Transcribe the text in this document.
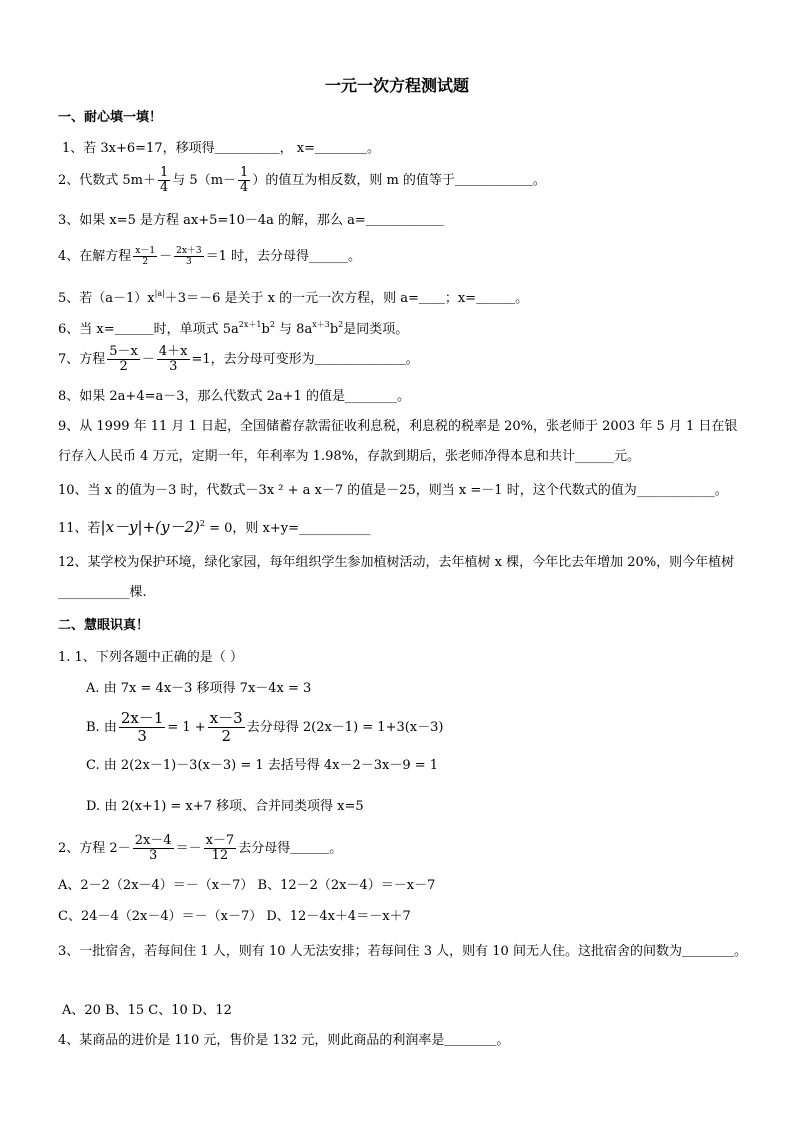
一元一次方程测试题
一、耐心填一填！
1、若 3x+6=17，移项得＿＿＿＿＿， x=＿＿＿＿。
2、代数式 $5m+ \frac{1}{4}$ 与 $5(m- \frac{1}{4}$ ）的值互为相反数，则 m 的值等于＿＿＿＿＿＿。
3、如果 x=5 是方程 ax+5=10－4a 的解，那么 a=＿＿＿＿＿＿
4、在解方程 $\frac{x-1}{2} - \frac{2x+3}{3} =1$ 时，去分母得______。
5、若$(a-1)x^{|a|}+3=-6$ 是关于 x 的一元一次方程，则 a=＿＿；x=＿＿＿。
6、当 x=＿＿＿时，单项式 $5a^{2x+1}b^2$ 与 $8a^{x+3}b^2$是同类项。
7、方程 $\frac{5-x}{2} - \frac{4+x}{3} =1$，去分母可变形为＿＿＿＿＿＿＿。
8、如果 2a+4=a－3，那么代数式 2a+1 的值是________。
9、从 1999 年 11 月 1 日起，全国储蓄存款需征收利息税，利息税的税率是 20%，张老师于 2003 年 5 月 1 日在银行存入人民币 4 万元，定期一年，年利率为 1.98%，存款到期后，张老师净得本息和共计______元。
10、当 x 的值为－3 时，代数式－3x ² + a x－7 的值是－25，则当 x =－1 时，这个代数式的值为____________。
11、若$|x-y|+(y-2)^2 = 0$，则 x+y=___________
12、某学校为保护环境，绿化家园，每年组织学生参加植树活动，去年植树 x 棵，今年比去年增加 20%，则今年植树___________棵.
二、慧眼识真！
1. 1、下列各题中正确的是（ ）
A. 由 7x = 4x－3 移项得 7x－4x = 3
B. 由 $\frac{2x-1}{3} = 1 + \frac{x-3}{2}$ 去分母得 2(2x－1) = 1+3(x－3)
C. 由 2(2x－1)－3(x－3) = 1 去括号得 4x－2－3x－9 = 1
D. 由 2(x+1) = x+7 移项、合并同类项得 x=5
2、方程 $2- \frac{2x-4}{3} =- \frac{x-7}{12}$ 去分母得＿＿＿。
A、2－2（2x－4）＝－（x－7） B、12－2（2x－4）＝－x－7
C、24－4（2x－4）＝－（x－7） D、12－4x＋4＝－x＋7
3、一批宿舍，若每间住 1 人，则有 10 人无法安排；若每间住 3 人，则有 10 间无人住。这批宿舍的间数为＿＿＿＿。
A、20 B、15 C、10 D、12
4、某商品的进价是 110 元，售价是 132 元，则此商品的利润率是＿＿＿＿。
